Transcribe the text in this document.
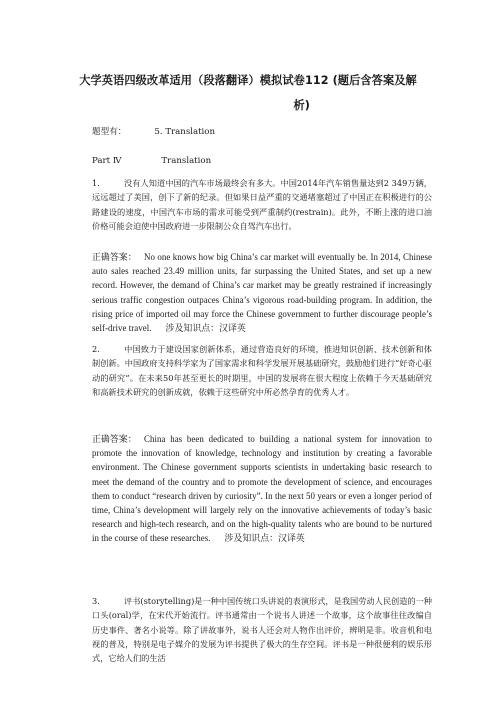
大学英语四级改革适用（段落翻译）模拟试卷112 (题后含答案及解
析)
题型有：	5. Translation
Part Ⅳ	Translation
1.	没有人知道中国的汽车市场最终会有多大。中国2014年汽车销售量达到2 349万辆，远远超过了美国，创下了新的纪录。但如果日益严重的交通堵塞超过了中国正在积极进行的公路建设的速度，中国汽车市场的需求可能受到严重制约(restrain)。此外，不断上涨的进口油价格可能会迫使中国政府进一步限制公众自驾汽车出行。
正确答案： No one knows how big China’s car market will eventually be. In 2014, Chinese auto sales reached 23.49 million units, far surpassing the United States, and set up a new record. However, the demand of China’s car market may be greatly restrained if increasingly serious traffic congestion outpaces China’s vigorous road-building program. In addition, the rising price of imported oil may force the Chinese government to further discourage people’s self-drive travel. 涉及知识点：汉译英
2.	中国致力于建设国家创新体系，通过营造良好的环境，推进知识创新、技术创新和体制创新。中国政府支持科学家为了国家需求和科学发展开展基础研究，鼓励他们进行“好奇心驱动的研究”。在未来50年甚至更长的时期里，中国的发展将在很大程度上依赖于今天基础研究和高新技术研究的创新成就，依赖于这些研究中所必然孕育的优秀人才。
正确答案： China has been dedicated to building a national system for innovation to promote the innovation of knowledge, technology and institution by creating a favorable environment. The Chinese government supports scientists in undertaking basic research to meet the demand of the country and to promote the development of science, and encourages them to conduct “research driven by curiosity”. In the next 50 years or even a longer period of time, China’s development will largely rely on the innovative achievements of today’s basic research and high-tech research, and on the high-quality talents who are bound to be nurtured in the course of these researches. 涉及知识点：汉译英
3.	评书(storytelling)是一种中国传统口头讲说的表演形式，是我国劳动人民创造的一种口头(oral)学，在宋代开始流行。评书通常由一个说书人讲述一个故事，这个故事往往改编自历史事件、著名小说等。除了讲故事外，说书人还会对人物作出评价，辨明是非。收音机和电视的普及，特别是电子媒介的发展为评书提供了极大的生存空间。评书是一种很便利的娱乐形式，它给人们的生活
